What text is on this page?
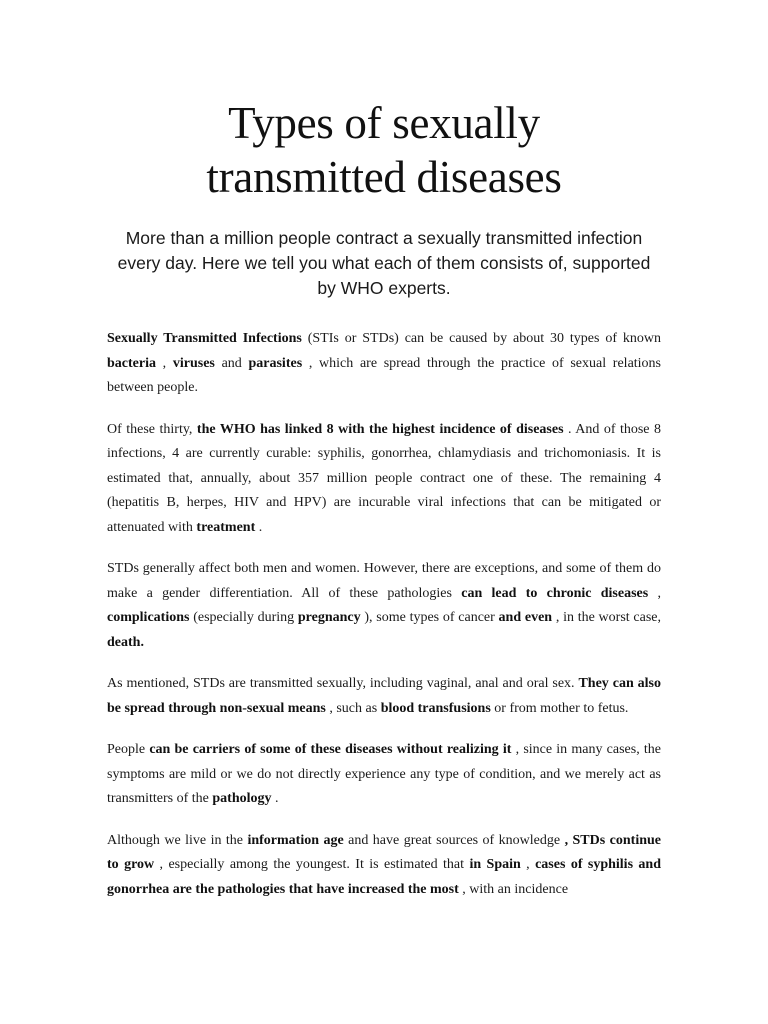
Types of sexually
transmitted diseases

More than a million people contract a sexually transmitted infection every day. Here we tell you what each of them consists of, supported by WHO experts.

Sexually Transmitted Infections (STIs or STDs) can be caused by about 30 types of known bacteria , viruses and parasites , which are spread through the practice of sexual relations between people.

Of these thirty, the WHO has linked 8 with the highest incidence of diseases . And of those 8 infections, 4 are currently curable: syphilis, gonorrhea, chlamydiasis and trichomoniasis. It is estimated that, annually, about 357 million people contract one of these. The remaining 4 (hepatitis B, herpes, HIV and HPV) are incurable viral infections that can be mitigated or attenuated with treatment .

STDs generally affect both men and women. However, there are exceptions, and some of them do make a gender differentiation. All of these pathologies can lead to chronic diseases , complications (especially during pregnancy ), some types of cancer and even , in the worst case, death.

As mentioned, STDs are transmitted sexually, including vaginal, anal and oral sex. They can also be spread through non-sexual means , such as blood transfusions or from mother to fetus.

People can be carriers of some of these diseases without realizing it , since in many cases, the symptoms are mild or we do not directly experience any type of condition, and we merely act as transmitters of the pathology .

Although we live in the information age and have great sources of knowledge , STDs continue to grow , especially among the youngest. It is estimated that in Spain , cases of syphilis and gonorrhea are the pathologies that have increased the most , with an incidence
